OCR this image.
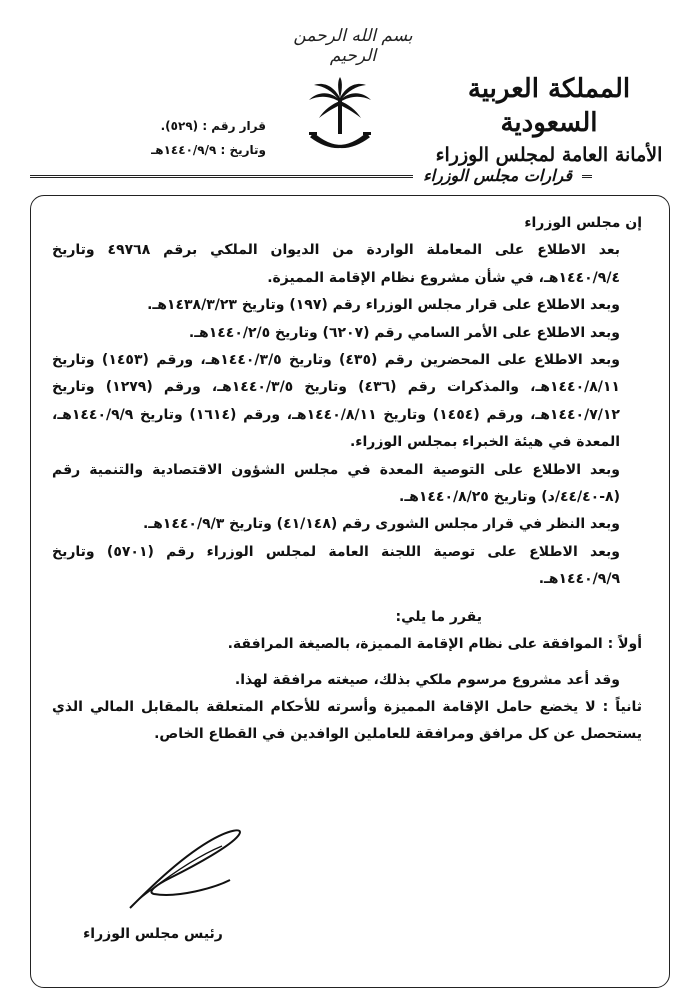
بسم الله الرحمن الرحيم
المملكة العربية السعودية
الأمانة العامة لمجلس الوزراء
قرار رقم : (٥٢٩).
وتاريخ : ١٤٤٠/٩/٩هـ
قرارات مجلس الوزراء

إن مجلس الوزراء

بعد الاطلاع على المعاملة الواردة من الديوان الملكي برقم ٤٩٧٦٨ وتاريخ ١٤٤٠/٩/٤هـ، في شأن مشروع نظام الإقامة المميزة.

وبعد الاطلاع على قرار مجلس الوزراء رقم (١٩٧) وتاريخ ١٤٣٨/٣/٢٣هـ.

وبعد الاطلاع على الأمر السامي رقم (٦٢٠٧) وتاريخ ١٤٤٠/٢/٥هـ.

وبعد الاطلاع على المحضرين رقم (٤٣٥) وتاريخ ١٤٤٠/٣/٥هـ، ورقم (١٤٥٣) وتاريخ ١٤٤٠/٨/١١هـ، والمذكرات رقم (٤٣٦) وتاريخ ١٤٤٠/٣/٥هـ، ورقم (١٢٧٩) وتاريخ ١٤٤٠/٧/١٢هـ، ورقم (١٤٥٤) وتاريخ ١٤٤٠/٨/١١هـ، ورقم (١٦١٤) وتاريخ ١٤٤٠/٩/٩هـ، المعدة في هيئة الخبراء بمجلس الوزراء.

وبعد الاطلاع على التوصية المعدة في مجلس الشؤون الاقتصادية والتنمية رقم (٨-٤٤/٤٠/د) وتاريخ ١٤٤٠/٨/٢٥هـ.

وبعد النظر في قرار مجلس الشورى رقم (٤١/١٤٨) وتاريخ ١٤٤٠/٩/٣هـ.

وبعد الاطلاع على توصية اللجنة العامة لمجلس الوزراء رقم (٥٧٠١) وتاريخ ١٤٤٠/٩/٩هـ.

يقرر ما يلي:

أولاً : الموافقة على نظام الإقامة المميزة، بالصيغة المرافقة.

وقد أعد مشروع مرسوم ملكي بذلك، صيغته مرافقة لهذا.

ثانياً : لا يخضع حامل الإقامة المميزة وأسرته للأحكام المتعلقة بالمقابل المالي الذي يستحصل عن كل مرافق ومرافقة للعاملين الوافدين في القطاع الخاص.

رئيس مجلس الوزراء
